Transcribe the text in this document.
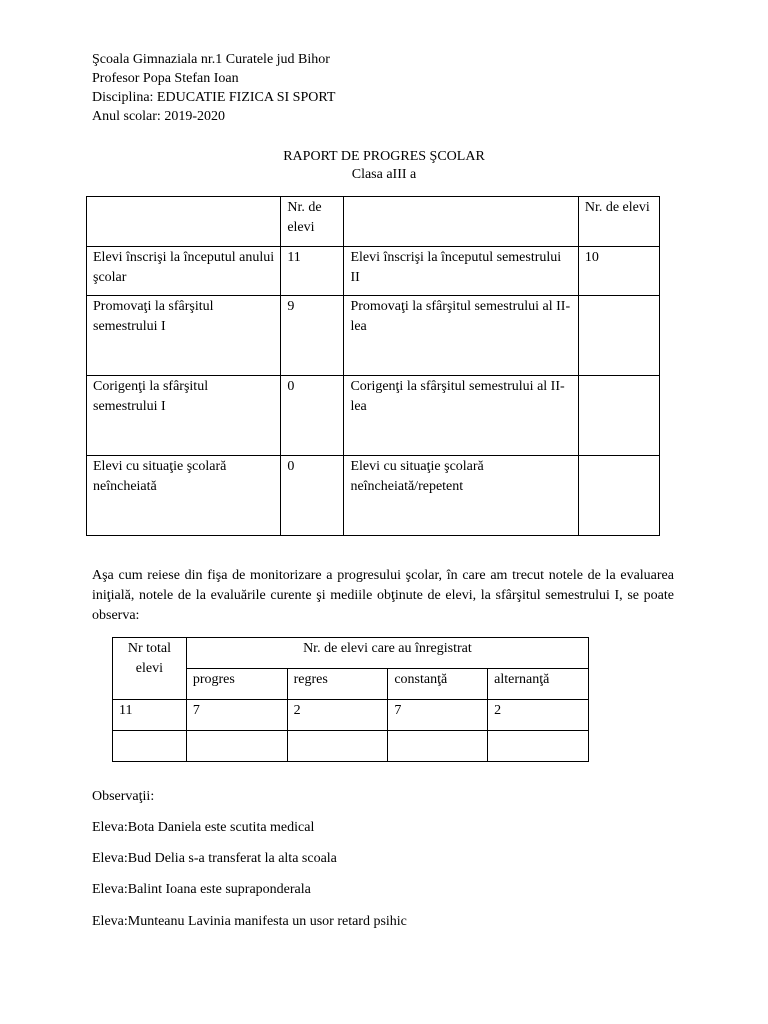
Şcoala Gimnaziala nr.1 Curatele jud Bihor
Profesor Popa Stefan Ioan
Disciplina: EDUCATIE FIZICA SI SPORT
Anul scolar: 2019-2020
RAPORT DE PROGRES ŞCOLAR
Clasa aIII a
	Nr. de elevi		Nr. de elevi
Elevi înscrişi la începutul anului şcolar	11	Elevi înscrişi la începutul semestrului II	10
Promovaţi la sfârşitul semestrului I	9	Promovaţi la sfârşitul semestrului al II-lea	
Corigenţi la sfârşitul semestrului I	0	Corigenţi la sfârşitul semestrului al II-lea	
Elevi cu situaţie şcolară neîncheiată	0	Elevi cu situaţie şcolară neîncheiată/repetent	
Aşa cum reiese din fişa de monitorizare a progresului şcolar, în care am trecut notele de la evaluarea iniţială, notele de la evaluările curente şi mediile obţinute de elevi, la sfârşitul semestrului I, se poate observa:
Nr total elevi	Nr. de elevi care au înregistrat			
	progres	regres	constanţă	alternanţă
11	7	2	7	2

Observaţii:
Eleva:Bota Daniela este scutita medical
Eleva:Bud Delia s-a transferat la alta scoala
Eleva:Balint Ioana este supraponderala
Eleva:Munteanu Lavinia manifesta un usor retard psihic
